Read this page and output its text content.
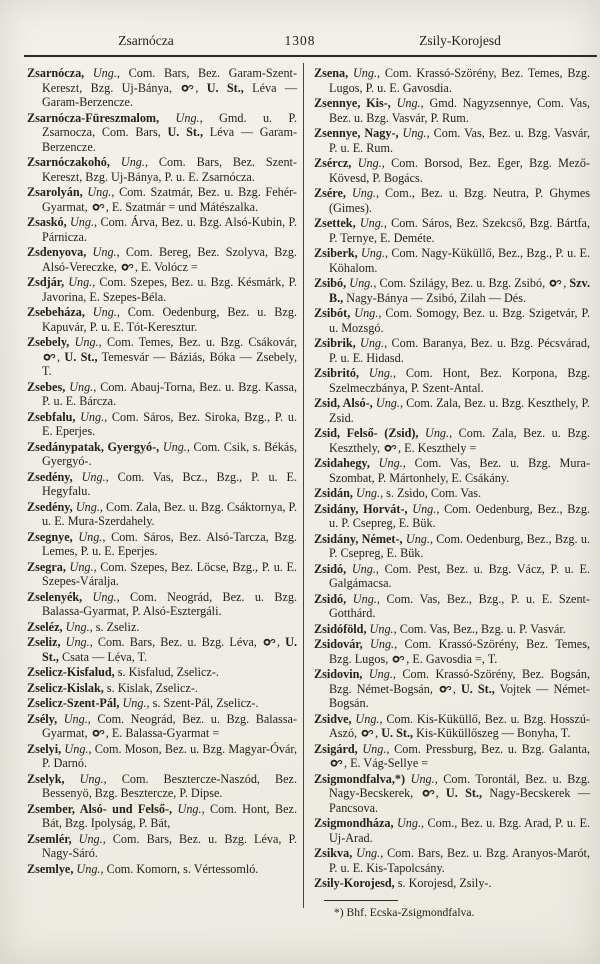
Zsarnócza	1308	Zsily-Korojesd

Zsarnócza, Ung., Com. Bars, Bez. Garam-Szent-Kereszt, Bzg. Uj-Bánya, , U. St., Léva — Garam-Berzencze.

Zsarnócza-Füreszmalom, Ung., Gmd. u. P. Zsarnocza, Com. Bars, U. St., Léva — Garam-Berzencze.

Zsarnóczakohó, Ung., Com. Bars, Bez. Szent-Kereszt, Bzg. Uj-Bánya, P. u. E. Zsarnócza.

Zsarolyán, Ung., Com. Szatmár, Bez. u. Bzg. Fehér-Gyarmat, , E. Szatmár = und Mátészalka.

Zsaskó, Ung., Com. Árva, Bez. u. Bzg. Alsó-Kubin, P. Párnicza.

Zsdenyova, Ung., Com. Bereg, Bez. Szolyva, Bzg. Alsó-Vereczke, , E. Volócz =

Zsdjár, Ung., Com. Szepes, Bez. u. Bzg. Késmárk, P. Javorina, E. Szepes-Béla.

Zsebeháza, Ung., Com. Oedenburg, Bez. u. Bzg. Kapuvár, P. u. E. Tót-Keresztur.

Zsebely, Ung., Com. Temes, Bez. u. Bzg. Csákovár, , U. St., Temesvár — Báziás, Bóka — Zsebely, T.

Zsebes, Ung., Com. Abauj-Torna, Bez. u. Bzg. Kassa, P. u. E. Bárcza.

Zsebfalu, Ung., Com. Sáros, Bez. Siroka, Bzg., P. u. E. Eperjes.

Zsedánypatak, Gyergyó-, Ung., Com. Csik, s. Békás, Gyergyó-.

Zsedény, Ung., Com. Vas, Bcz., Bzg., P. u. E. Hegyfalu.

Zsedény, Ung., Com. Zala, Bez. u. Bzg. Csáktornya, P. u. E. Mura-Szerdahely.

Zsegnye, Ung., Com. Sáros, Bez. Alsó-Tarcza, Bzg. Lemes, P. u. E. Eperjes.

Zsegra, Ung., Com. Szepes, Bez. Löcse, Bzg., P. u. E. Szepes-Váralja.

Zselenyék, Ung., Com. Neográd, Bez. u. Bzg. Balassa-Gyarmat, P. Alsó-Esztergáli.

Zseléz, Ung., s. Zseliz.

Zseliz, Ung., Com. Bars, Bez. u. Bzg. Léva, , U. St., Csata — Léva, T.

Zselicz-Kisfalud, s. Kisfalud, Zselicz-.

Zselicz-Kislak, s. Kislak, Zselicz-.

Zselicz-Szent-Pál, Ung., s. Szent-Pál, Zselicz-.

Zsély, Ung., Com. Neográd, Bez. u. Bzg. Balassa-Gyarmat, , E. Balassa-Gyarmat =

Zselyi, Ung., Com. Moson, Bez. u. Bzg. Magyar-Óvár, P. Darnó.

Zselyk, Ung., Com. Besztercze-Naszód, Bez. Bessenyö, Bzg. Besztercze, P. Dipse.

Zsember, Alsó- und Felső-, Ung., Com. Hont, Bez. Bát, Bzg. Ipolyság, P. Bát,

Zsemlér, Ung., Com. Bars, Bez. u. Bzg. Léva, P. Nagy-Sáró.

Zsemlye, Ung., Com. Komorn, s. Vértessomló.

Zsena, Ung., Com. Krassó-Szörény, Bez. Temes, Bzg. Lugos, P. u. E. Gavosdia.

Zsennye, Kis-, Ung., Gmd. Nagyzsennye, Com. Vas, Bez. u. Bzg. Vasvár, P. Rum.

Zsennye, Nagy-, Ung., Com. Vas, Bez. u. Bzg. Vasvár, P. u. E. Rum.

Zsércz, Ung., Com. Borsod, Bez. Eger, Bzg. Mező-Kövesd, P. Bogács.

Zsére, Ung., Com., Bez. u. Bzg. Neutra, P. Ghymes (Gimes).

Zsettek, Ung., Com. Sáros, Bez. Szekcső, Bzg. Bártfa, P. Ternye, E. Deméte.

Zsiberk, Ung., Com. Nagy-Küküllő, Bez., Bzg., P. u. E. Köhalom.

Zsibó, Ung., Com. Szilágy, Bez. u. Bzg. Zsibó, , Szv. B., Nagy-Bánya — Zsibó, Zilah — Dés.

Zsibót, Ung., Com. Somogy, Bez. u. Bzg. Szigetvár, P. u. Mozsgó.

Zsibrik, Ung., Com. Baranya, Bez. u. Bzg. Pécsvárad, P. u. E. Hidasd.

Zsibritó, Ung., Com. Hont, Bez. Korpona, Bzg. Szelmeczbánya, P. Szent-Antal.

Zsid, Alsó-, Ung., Com. Zala, Bez. u. Bzg. Keszthely, P. Zsid.

Zsid, Felső- (Zsid), Ung., Com. Zala, Bez. u. Bzg. Keszthely, , E. Keszthely =

Zsidahegy, Ung., Com. Vas, Bez. u. Bzg. Mura-Szombat, P. Mártonhely, E. Csákány.

Zsidán, Ung., s. Zsido, Com. Vas.

Zsidány, Horvát-, Ung., Com. Oedenburg, Bez., Bzg. u. P. Csepreg, E. Bük.

Zsidány, Német-, Ung., Com. Oedenburg, Bez., Bzg. u. P. Csepreg, E. Bük.

Zsidó, Ung., Com. Pest, Bez. u. Bzg. Vácz, P. u. E. Galgámacsa.

Zsidó, Ung., Com. Vas, Bez., Bzg., P. u. E. Szent-Gotthárd.

Zsidóföld, Ung., Com. Vas, Bez., Bzg. u. P. Vasvár.

Zsidovár, Ung., Com. Krassó-Szörény, Bez. Temes, Bzg. Lugos, , E. Gavosdia =, T.

Zsidovin, Ung., Com. Krassó-Szörény, Bez. Bogsán, Bzg. Német-Bogsán, , U. St., Vojtek — Német-Bogsán.

Zsidve, Ung., Com. Kis-Küküllő, Bez. u. Bzg. Hosszú-Aszó, , U. St., Kis-Küküllőszeg — Bonyha, T.

Zsigárd, Ung., Com. Pressburg, Bez. u. Bzg. Galanta, , E. Vág-Sellye =

Zsigmondfalva,*) Ung., Com. Torontál, Bez. u. Bzg. Nagy-Becskerek, , U. St., Nagy-Becskerek — Pancsova.

Zsigmondháza, Ung., Com., Bez. u. Bzg. Arad, P. u. E. Uj-Arad.

Zsikva, Ung., Com. Bars, Bez. u. Bzg. Aranyos-Marót, P. u. E. Kis-Tapolcsány.

Zsily-Korojesd, s. Korojesd, Zsily-.

*) Bhf. Ecska-Zsigmondfalva.
